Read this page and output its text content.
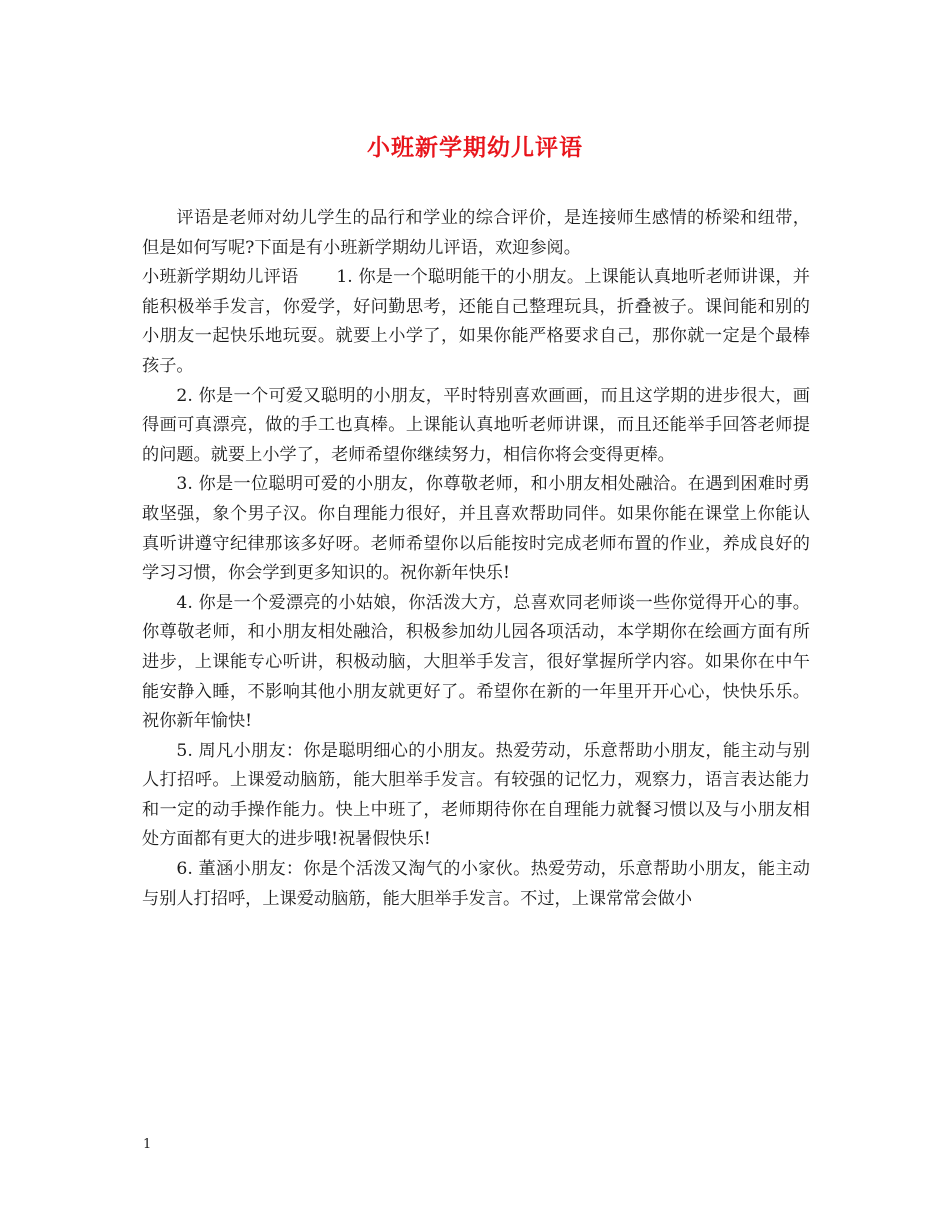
小班新学期幼儿评语

评语是老师对幼儿学生的品行和学业的综合评价，是连接师生感情的桥梁和纽带，但是如何写呢?下面是有小班新学期幼儿评语，欢迎参阅。

小班新学期幼儿评语 1. 你是一个聪明能干的小朋友。上课能认真地听老师讲课，并能积极举手发言，你爱学，好问勤思考，还能自己整理玩具，折叠被子。课间能和别的小朋友一起快乐地玩耍。就要上小学了，如果你能严格要求自己，那你就一定是个最棒孩子。

2. 你是一个可爱又聪明的小朋友，平时特别喜欢画画，而且这学期的进步很大，画得画可真漂亮，做的手工也真棒。上课能认真地听老师讲课，而且还能举手回答老师提的问题。就要上小学了，老师希望你继续努力，相信你将会变得更棒。

3. 你是一位聪明可爱的小朋友，你尊敬老师，和小朋友相处融洽。在遇到困难时勇敢坚强，象个男子汉。你自理能力很好，并且喜欢帮助同伴。如果你能在课堂上你能认真听讲遵守纪律那该多好呀。老师希望你以后能按时完成老师布置的作业，养成良好的学习习惯，你会学到更多知识的。祝你新年快乐!

4. 你是一个爱漂亮的小姑娘，你活泼大方，总喜欢同老师谈一些你觉得开心的事。你尊敬老师，和小朋友相处融洽，积极参加幼儿园各项活动，本学期你在绘画方面有所进步，上课能专心听讲，积极动脑，大胆举手发言，很好掌握所学内容。如果你在中午能安静入睡，不影响其他小朋友就更好了。希望你在新的一年里开开心心，快快乐乐。祝你新年愉快!

5. 周凡小朋友：你是聪明细心的小朋友。热爱劳动，乐意帮助小朋友，能主动与别人打招呼。上课爱动脑筋，能大胆举手发言。有较强的记忆力，观察力，语言表达能力和一定的动手操作能力。快上中班了，老师期待你在自理能力就餐习惯以及与小朋友相处方面都有更大的进步哦!祝暑假快乐!

6. 董涵小朋友：你是个活泼又淘气的小家伙。热爱劳动，乐意帮助小朋友，能主动与别人打招呼，上课爱动脑筋，能大胆举手发言。不过，上课常常会做小

1
